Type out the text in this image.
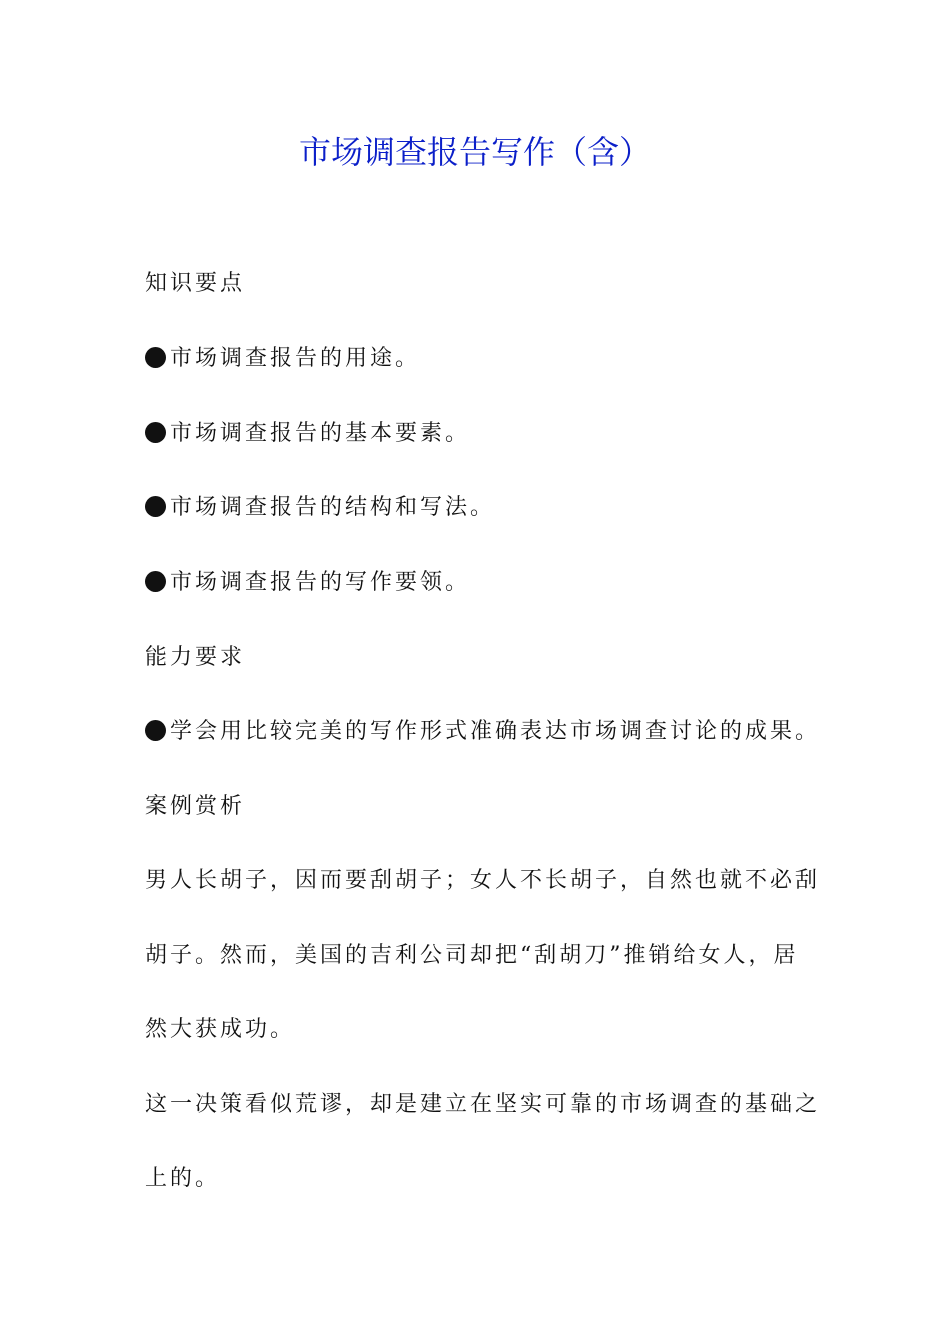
市场调查报告写作（含）
知识要点
市场调查报告的用途。
市场调查报告的基本要素。
市场调查报告的结构和写法。
市场调查报告的写作要领。
能力要求
学会用比较完美的写作形式准确表达市场调查讨论的成果。
案例赏析
男人长胡子，因而要刮胡子；女人不长胡子，自然也就不必刮
胡子。然而，美国的吉利公司却把“刮胡刀”推销给女人，居
然大获成功。
这一决策看似荒谬，却是建立在坚实可靠的市场调查的基础之
上的。
